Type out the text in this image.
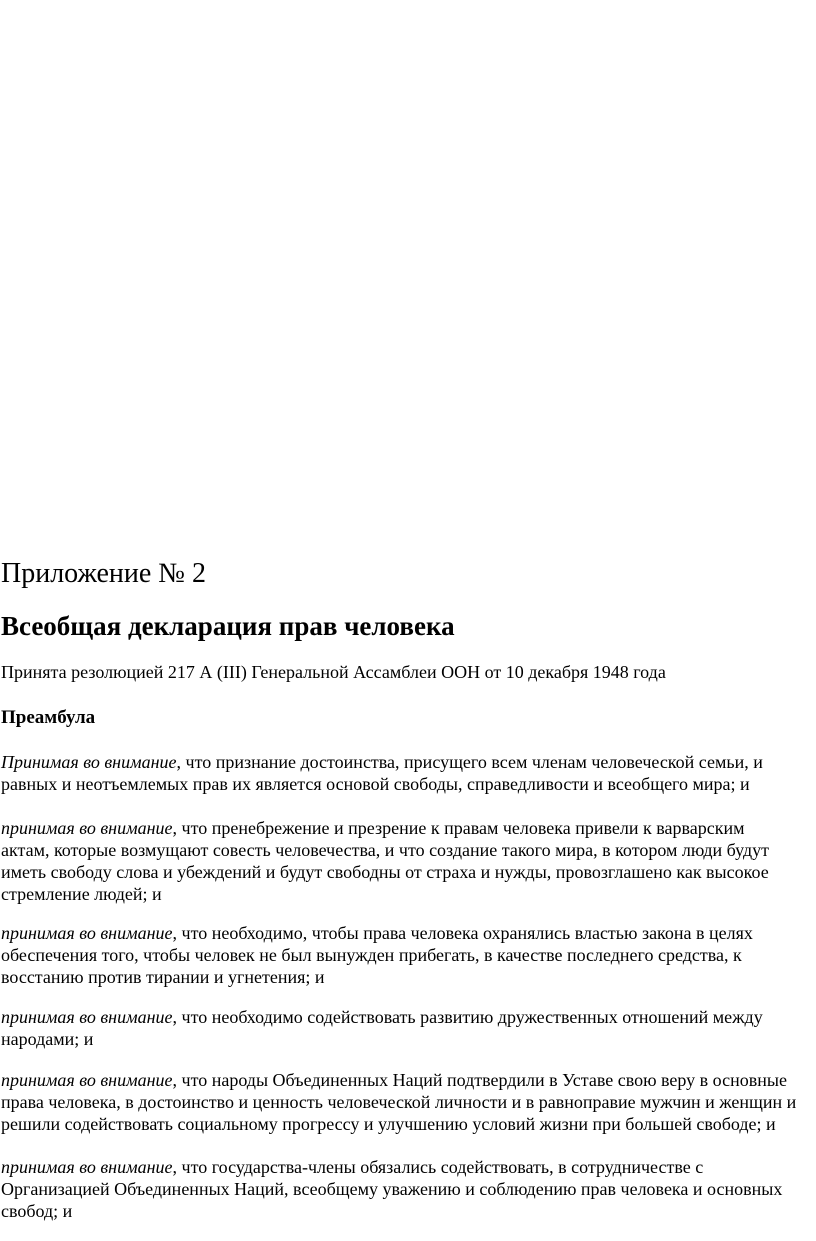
Приложение № 2
Всеобщая декларация прав человека
Принята резолюцией 217 А (III) Генеральной Ассамблеи ООН от 10 декабря 1948 года
Преамбула
Принимая во внимание, что признание достоинства, присущего всем членам человеческой семьи, и
равных и неотъемлемых прав их является основой свободы, справедливости и всеобщего мира; и
принимая во внимание, что пренебрежение и презрение к правам человека привели к варварским
актам, которые возмущают совесть человечества, и что создание такого мира, в котором люди будут
иметь свободу слова и убеждений и будут свободны от страха и нужды, провозглашено как высокое
стремление людей; и
принимая во внимание, что необходимо, чтобы права человека охранялись властью закона в целях
обеспечения того, чтобы человек не был вынужден прибегать, в качестве последнего средства, к
восстанию против тирании и угнетения; и
принимая во внимание, что необходимо содействовать развитию дружественных отношений между
народами; и
принимая во внимание, что народы Объединенных Наций подтвердили в Уставе свою веру в основные
права человека, в достоинство и ценность человеческой личности и в равноправие мужчин и женщин и
решили содействовать социальному прогрессу и улучшению условий жизни при большей свободе; и
принимая во внимание, что государства-члены обязались содействовать, в сотрудничестве с
Организацией Объединенных Наций, всеобщему уважению и соблюдению прав человека и основных
свобод; и
